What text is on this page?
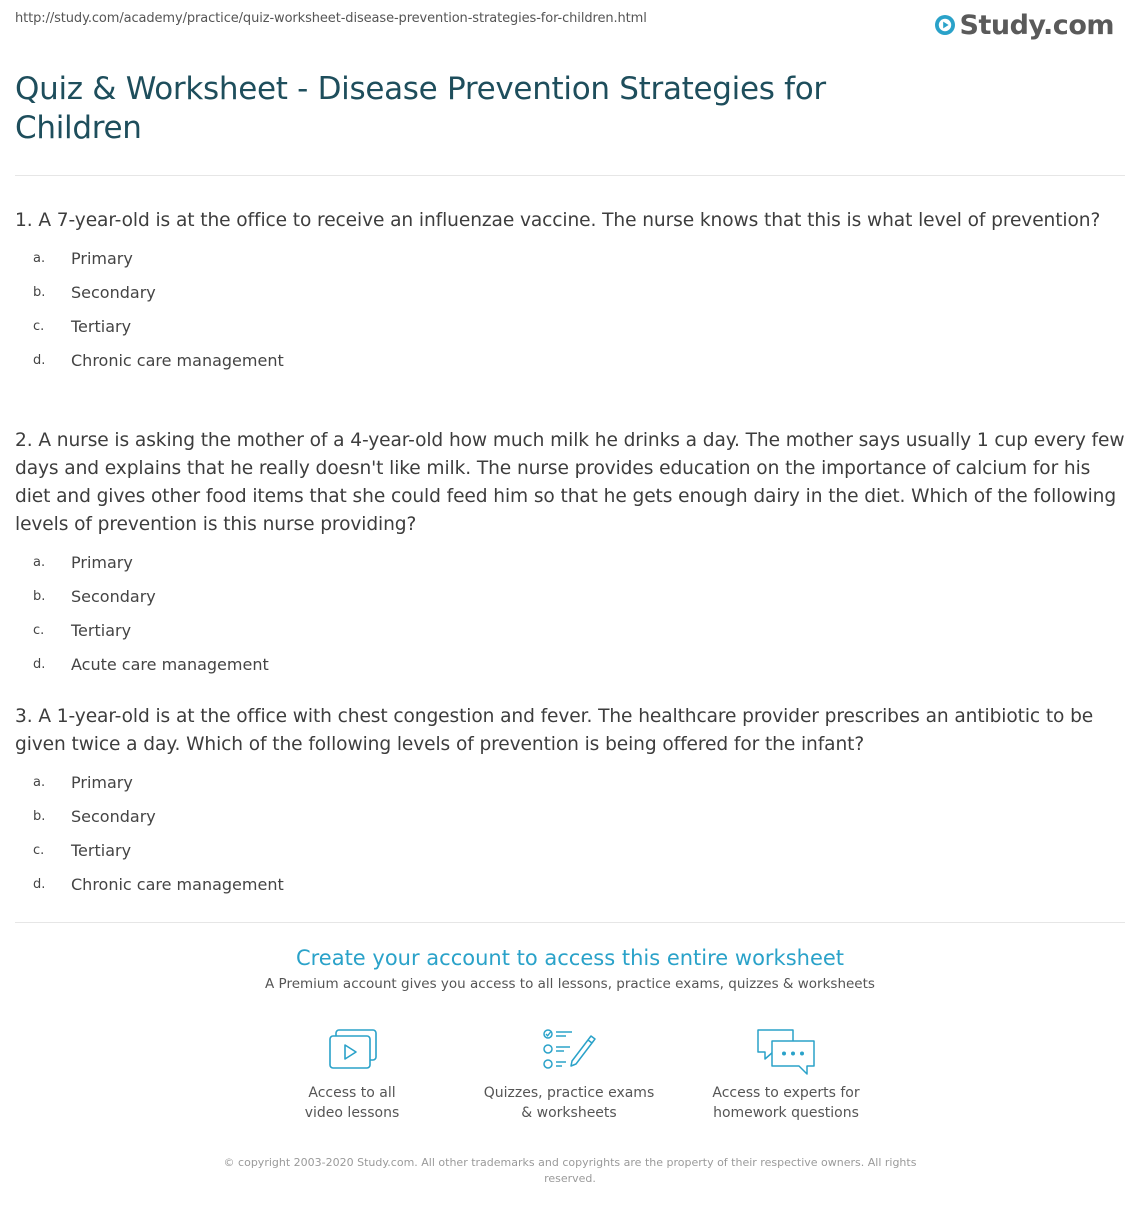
http://study.com/academy/practice/quiz-worksheet-disease-prevention-strategies-for-children.html	Study.com
Quiz & Worksheet - Disease Prevention Strategies for Children
1. A 7-year-old is at the office to receive an influenzae vaccine. The nurse knows that this is what level of prevention?
a.	Primary
b.	Secondary
c.	Tertiary
d.	Chronic care management
2. A nurse is asking the mother of a 4-year-old how much milk he drinks a day. The mother says usually 1 cup every few days and explains that he really doesn't like milk. The nurse provides education on the importance of calcium for his diet and gives other food items that she could feed him so that he gets enough dairy in the diet. Which of the following levels of prevention is this nurse providing?
a.	Primary
b.	Secondary
c.	Tertiary
d.	Acute care management
3. A 1-year-old is at the office with chest congestion and fever. The healthcare provider prescribes an antibiotic to be given twice a day. Which of the following levels of prevention is being offered for the infant?
a.	Primary
b.	Secondary
c.	Tertiary
d.	Chronic care management
Create your account to access this entire worksheet
A Premium account gives you access to all lessons, practice exams, quizzes & worksheets
Access to all
video lessons
Quizzes, practice exams
& worksheets
Access to experts for
homework questions
© copyright 2003-2020 Study.com. All other trademarks and copyrights are the property of their respective owners. All rights reserved.
